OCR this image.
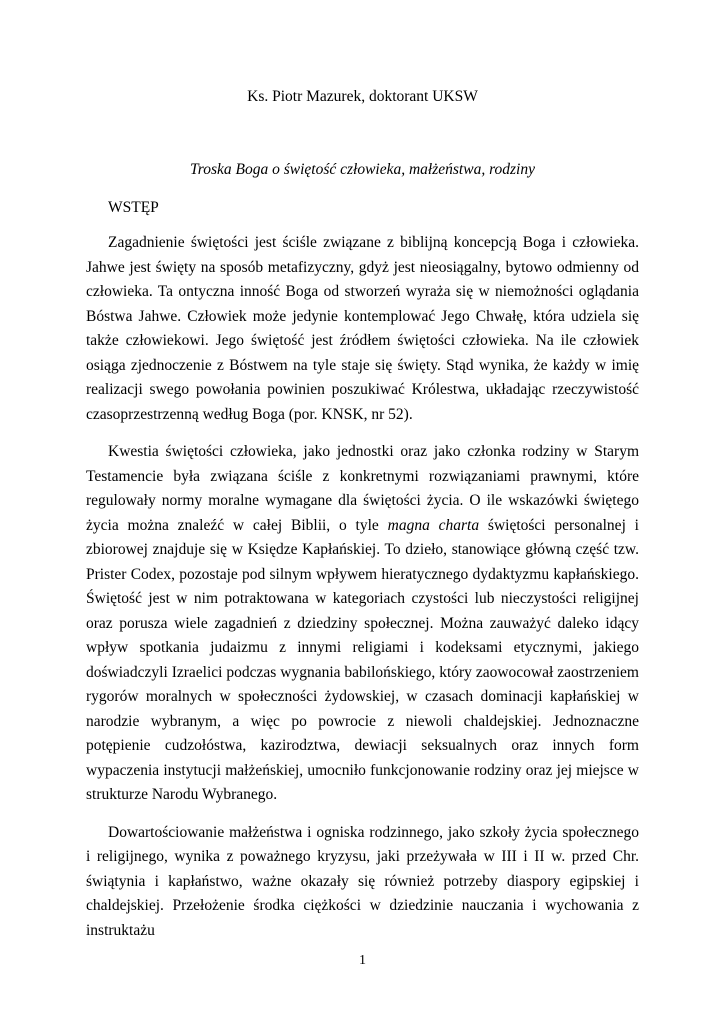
Ks. Piotr Mazurek, doktorant UKSW
Troska Boga o świętość człowieka, małżeństwa, rodziny
WSTĘP

Zagadnienie świętości jest ściśle związane z biblijną koncepcją Boga i człowieka. Jahwe jest święty na sposób metafizyczny, gdyż jest nieosiągalny, bytowo odmienny od człowieka. Ta ontyczna inność Boga od stworzeń wyraża się w niemożności oglądania Bóstwa Jahwe. Człowiek może jedynie kontemplować Jego Chwałę, która udziela się także człowiekowi. Jego świętość jest źródłem świętości człowieka. Na ile człowiek osiąga zjednoczenie z Bóstwem na tyle staje się święty. Stąd wynika, że każdy w imię realizacji swego powołania powinien poszukiwać Królestwa, układając rzeczywistość czasoprzestrzenną według Boga (por. KNSK, nr 52).

Kwestia świętości człowieka, jako jednostki oraz jako członka rodziny w Starym Testamencie była związana ściśle z konkretnymi rozwiązaniami prawnymi, które regulowały normy moralne wymagane dla świętości życia. O ile wskazówki świętego życia można znaleźć w całej Biblii, o tyle magna charta świętości personalnej i zbiorowej znajduje się w Księdze Kapłańskiej. To dzieło, stanowiące główną część tzw. Prister Codex, pozostaje pod silnym wpływem hieratycznego dydaktyzmu kapłańskiego. Świętość jest w nim potraktowana w kategoriach czystości lub nieczystości religijnej oraz porusza wiele zagadnień z dziedziny społecznej. Można zauważyć daleko idący wpływ spotkania judaizmu z innymi religiami i kodeksami etycznymi, jakiego doświadczyli Izraelici podczas wygnania babilońskiego, który zaowocował zaostrzeniem rygorów moralnych w społeczności żydowskiej, w czasach dominacji kapłańskiej w narodzie wybranym, a więc po powrocie z niewoli chaldejskiej. Jednoznaczne potępienie cudzołóstwa, kazirodztwa, dewiacji seksualnych oraz innych form wypaczenia instytucji małżeńskiej, umocniło funkcjonowanie rodziny oraz jej miejsce w strukturze Narodu Wybranego.

Dowartościowanie małżeństwa i ogniska rodzinnego, jako szkoły życia społecznego i religijnego, wynika z poważnego kryzysu, jaki przeżywała w III i II w. przed Chr. świątynia i kapłaństwo, ważne okazały się również potrzeby diaspory egipskiej i chaldejskiej. Przełożenie środka ciężkości w dziedzinie nauczania i wychowania z instruktażu

1
